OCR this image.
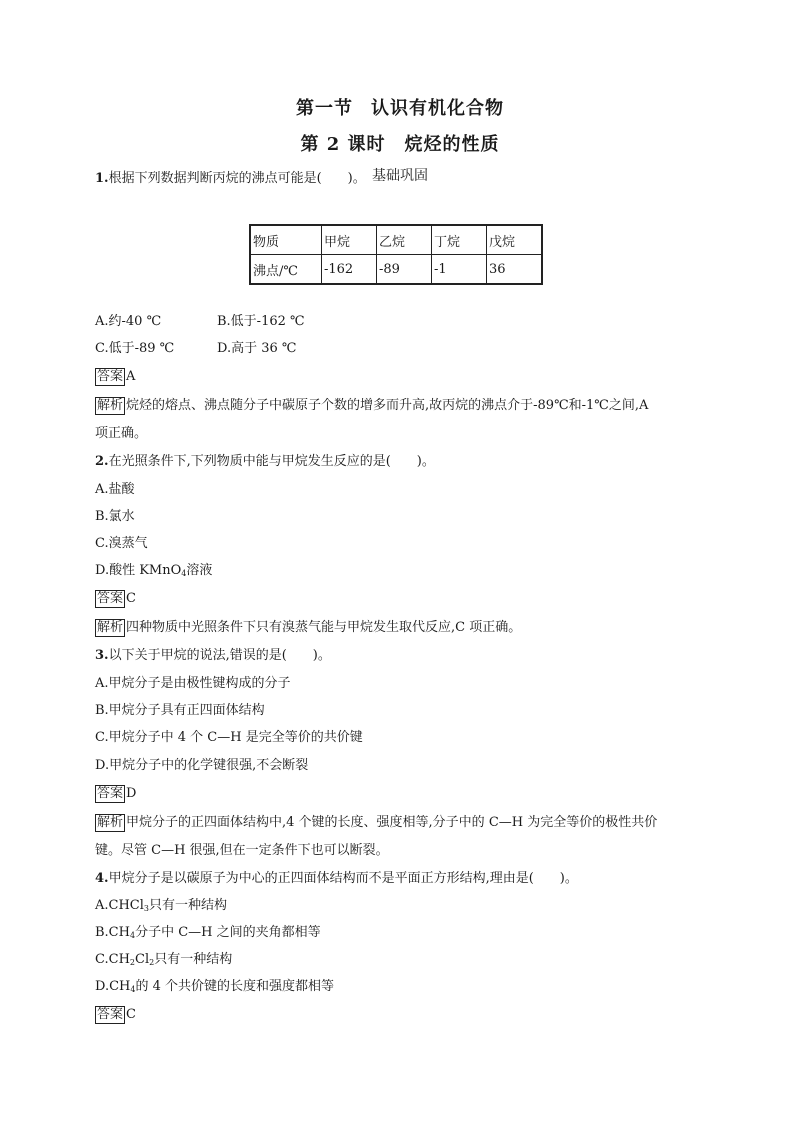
第一节 认识有机化合物
第 2 课时　烷烃的性质
基础巩固
1.根据下列数据判断丙烷的沸点可能是(　　)。
物质	甲烷	乙烷	丁烷	戊烷
沸点/℃	-162	-89	-1	36
A.约-40 ℃	B.低于-162 ℃
C.低于-89 ℃	D.高于 36 ℃
答案 A
解析 烷烃的熔点、沸点随分子中碳原子个数的增多而升高,故丙烷的沸点介于-89℃和-1℃之间,A
项正确。
2.在光照条件下,下列物质中能与甲烷发生反应的是(　　)。
A.盐酸
B.氯水
C.溴蒸气
D.酸性 KMnO$_4$溶液
答案 C
解析 四种物质中光照条件下只有溴蒸气能与甲烷发生取代反应,C 项正确。
3.以下关于甲烷的说法,错误的是(　　)。
A.甲烷分子是由极性键构成的分子
B.甲烷分子具有正四面体结构
C.甲烷分子中 4 个 C—H 是完全等价的共价键
D.甲烷分子中的化学键很强,不会断裂
答案 D
解析 甲烷分子的正四面体结构中,4 个键的长度、强度相等,分子中的 C—H 为完全等价的极性共价
键。尽管 C—H 很强,但在一定条件下也可以断裂。
4.甲烷分子是以碳原子为中心的正四面体结构而不是平面正方形结构,理由是(　　)。
A.CHCl$_3$只有一种结构
$B.CH_4$分子中 C—H 之间的夹角都相等
$C.CH_2Cl_2$只有一种结构
$D.CH_4$的 4 个共价键的长度和强度都相等
答案 C
